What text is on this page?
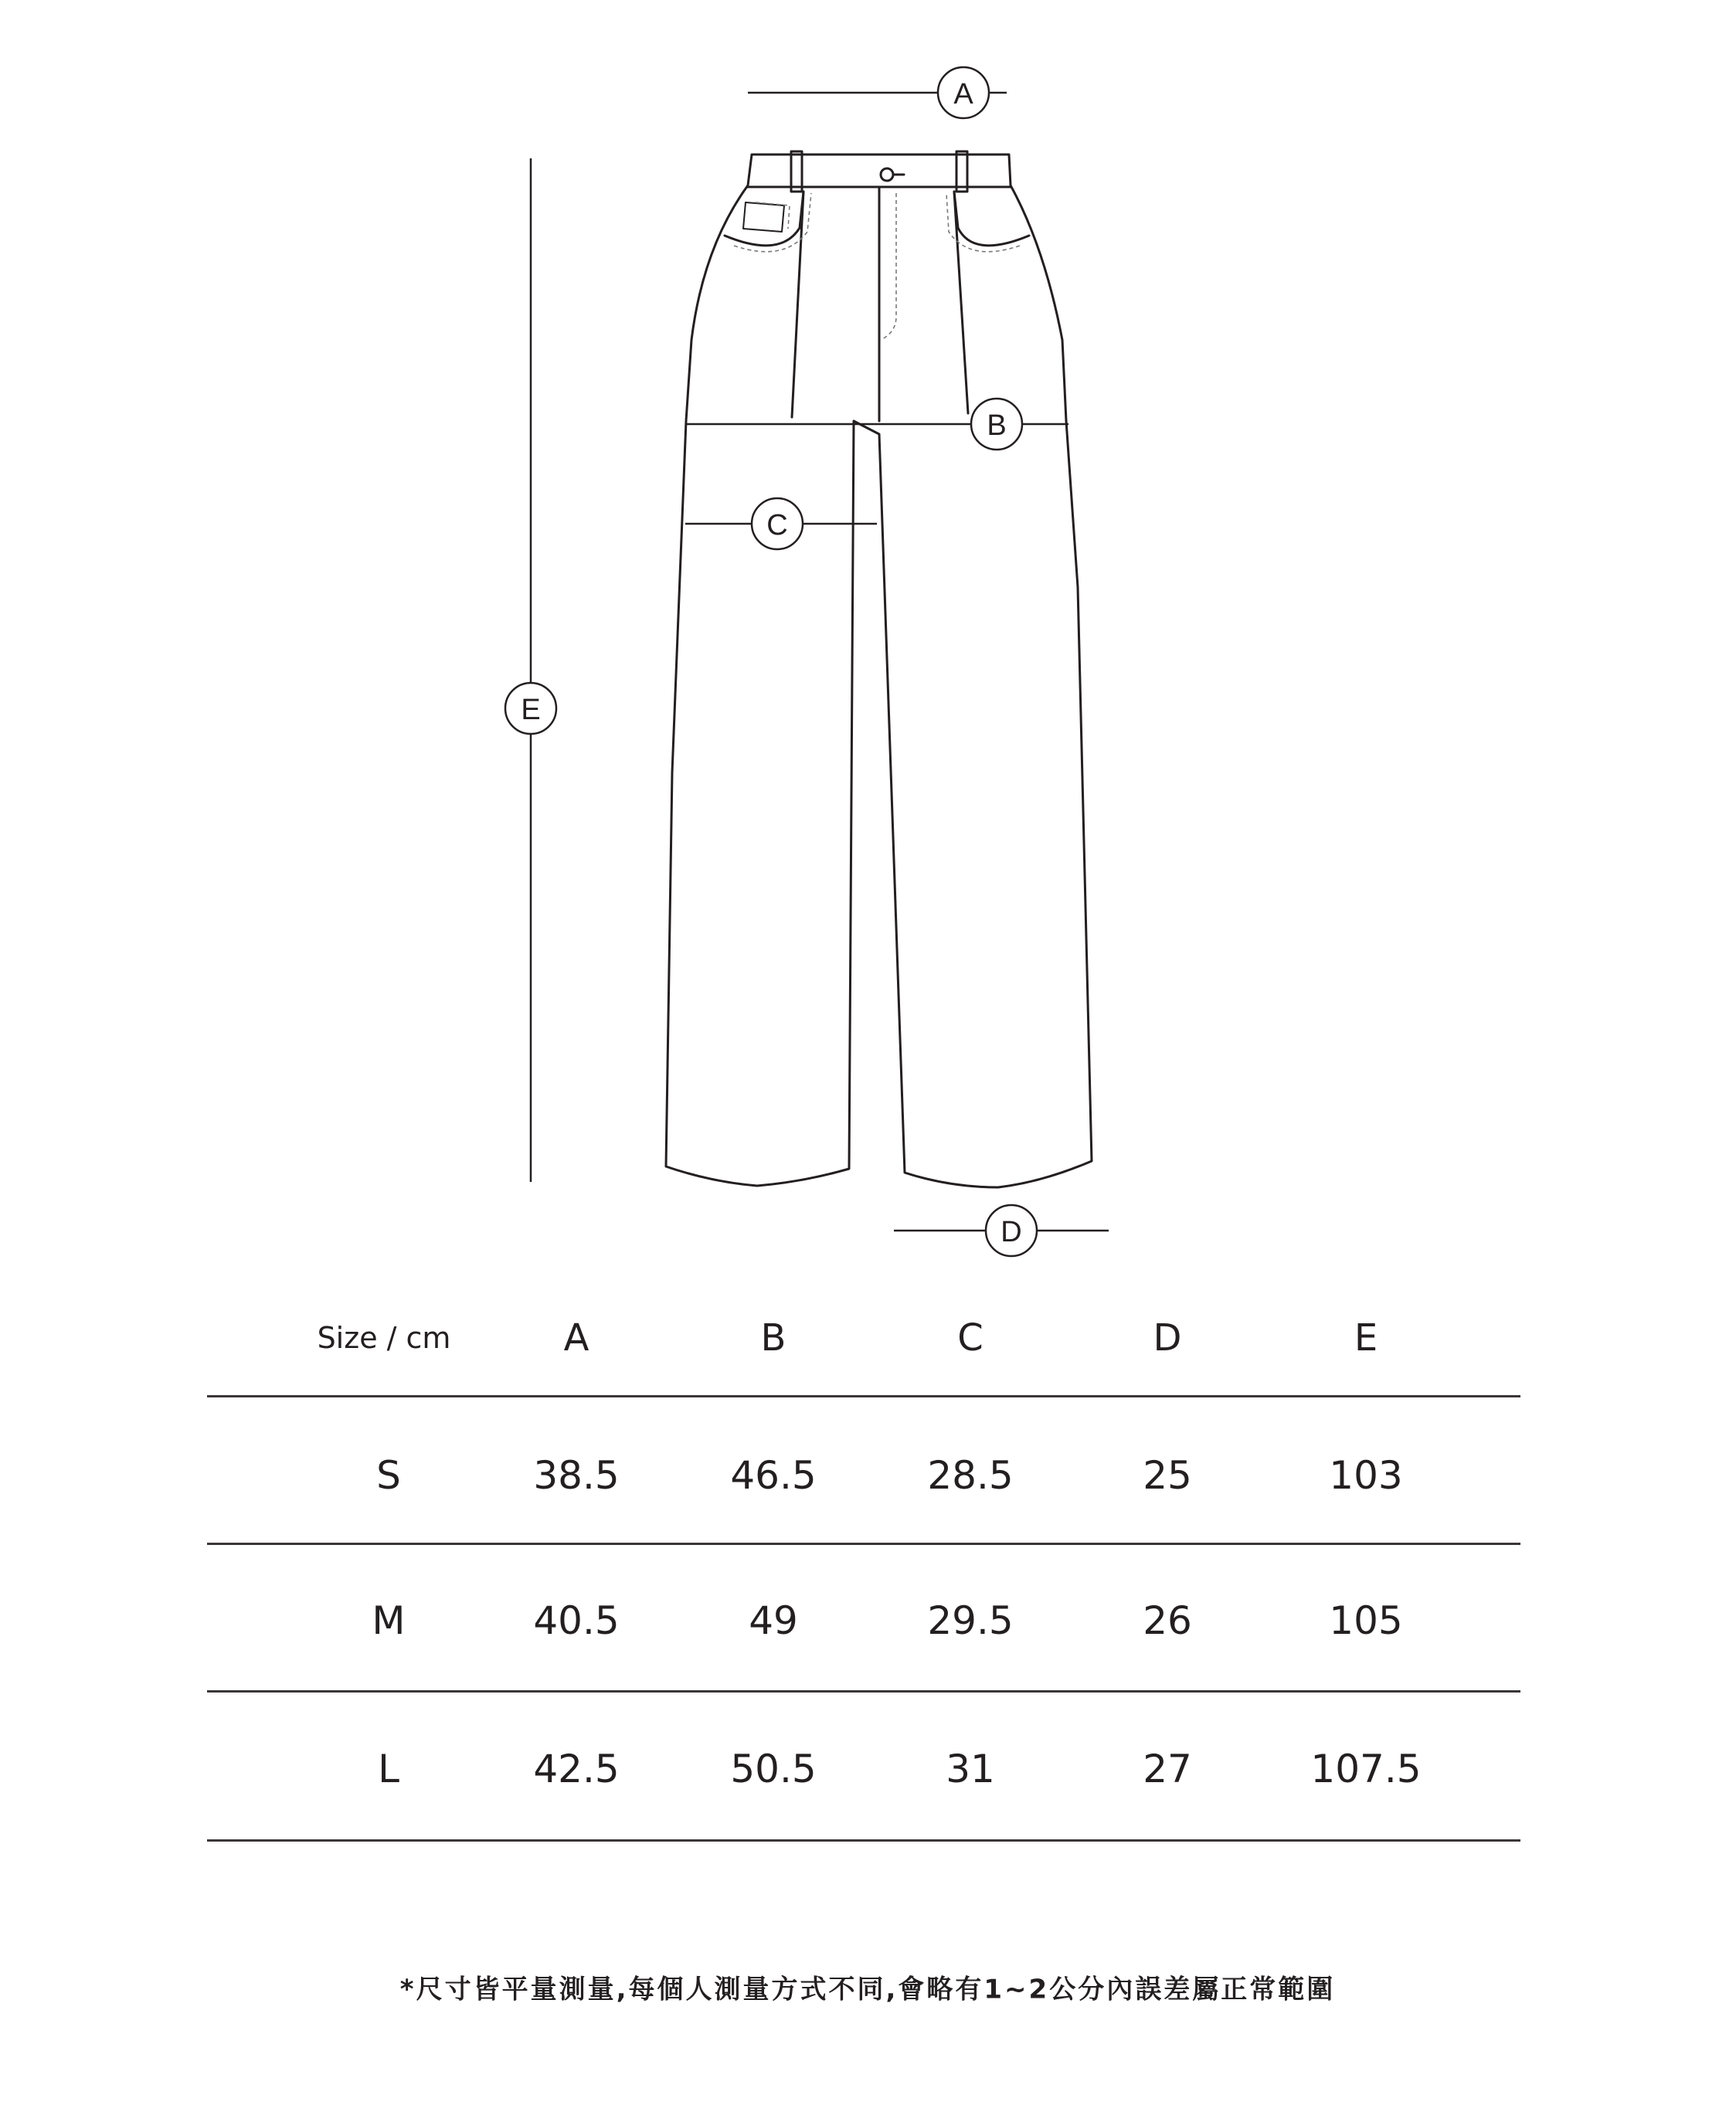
A
B
C
D
E
Size / cm	A	B	C	D	E
S	38.5	46.5	28.5	25	103
M	40.5	49	29.5	26	105
L	42.5	50.5	31	27	107.5
*尺寸皆平量測量,每個人測量方式不同,會略有1~2公分內誤差屬正常範圍
